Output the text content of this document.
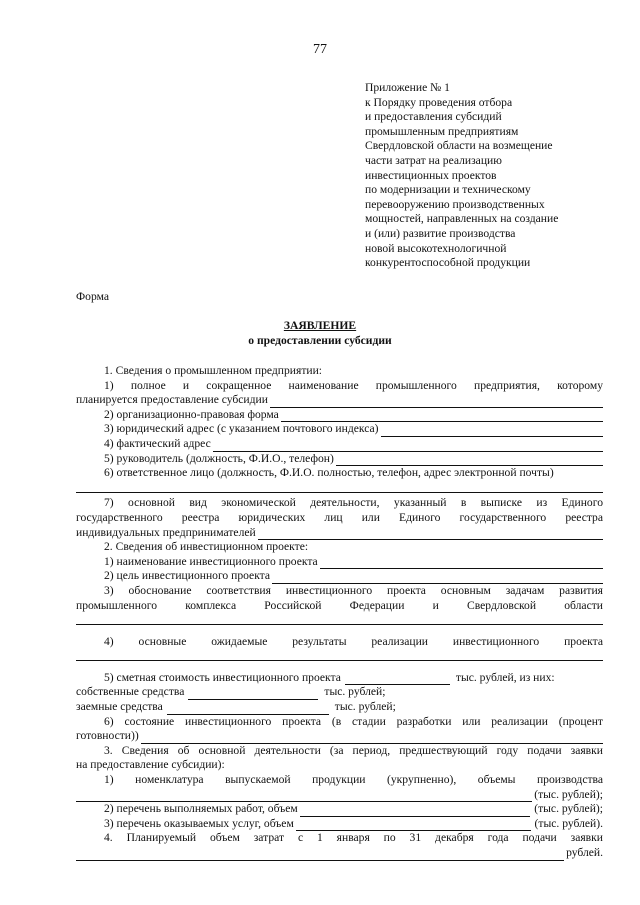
77
Приложение № 1
к Порядку проведения отбора
и предоставления субсидий
промышленным предприятиям
Свердловской области на возмещение
части затрат на реализацию
инвестиционных проектов
по модернизации и техническому
перевооружению производственных
мощностей, направленных на создание
и (или) развитие производства
новой высокотехнологичной
конкурентоспособной продукции
Форма
ЗАЯВЛЕНИЕ
о предоставлении субсидии
1. Сведения о промышленном предприятии:
1) полное и сокращенное наименование промышленного предприятия, которому
планируется предоставление субсидии
2) организационно-правовая форма
3) юридический адрес (с указанием почтового индекса)
4) фактический адрес
5) руководитель (должность, Ф.И.О., телефон)
6) ответственное лицо (должность, Ф.И.О. полностью, телефон, адрес электронной почты)
7) основной вид экономической деятельности, указанный в выписке из Единого
государственного реестра юридических лиц или Единого государственного реестра
индивидуальных предпринимателей
2. Сведения об инвестиционном проекте:
1) наименование инвестиционного проекта
2) цель инвестиционного проекта
3) обоснование соответствия инвестиционного проекта основным задачам развития
промышленного комплекса Российской Федерации и Свердловской области
4) основные ожидаемые результаты реализации инвестиционного проекта
5) сметная стоимость инвестиционного проекта	тыс. рублей, из них:
собственные средства	тыс. рублей;
заемные средства	тыс. рублей;
6) состояние инвестиционного проекта (в стадии разработки или реализации (процент
готовности))
3. Сведения об основной деятельности (за период, предшествующий году подачи заявки
на предоставление субсидии):
1) номенклатура выпускаемой продукции (укрупненно), объемы производства
(тыс. рублей);
2) перечень выполняемых работ, объем	(тыс. рублей);
3) перечень оказываемых услуг, объем	(тыс. рублей).
4. Планируемый объем затрат с 1 января по 31 декабря года подачи заявки
рублей.
